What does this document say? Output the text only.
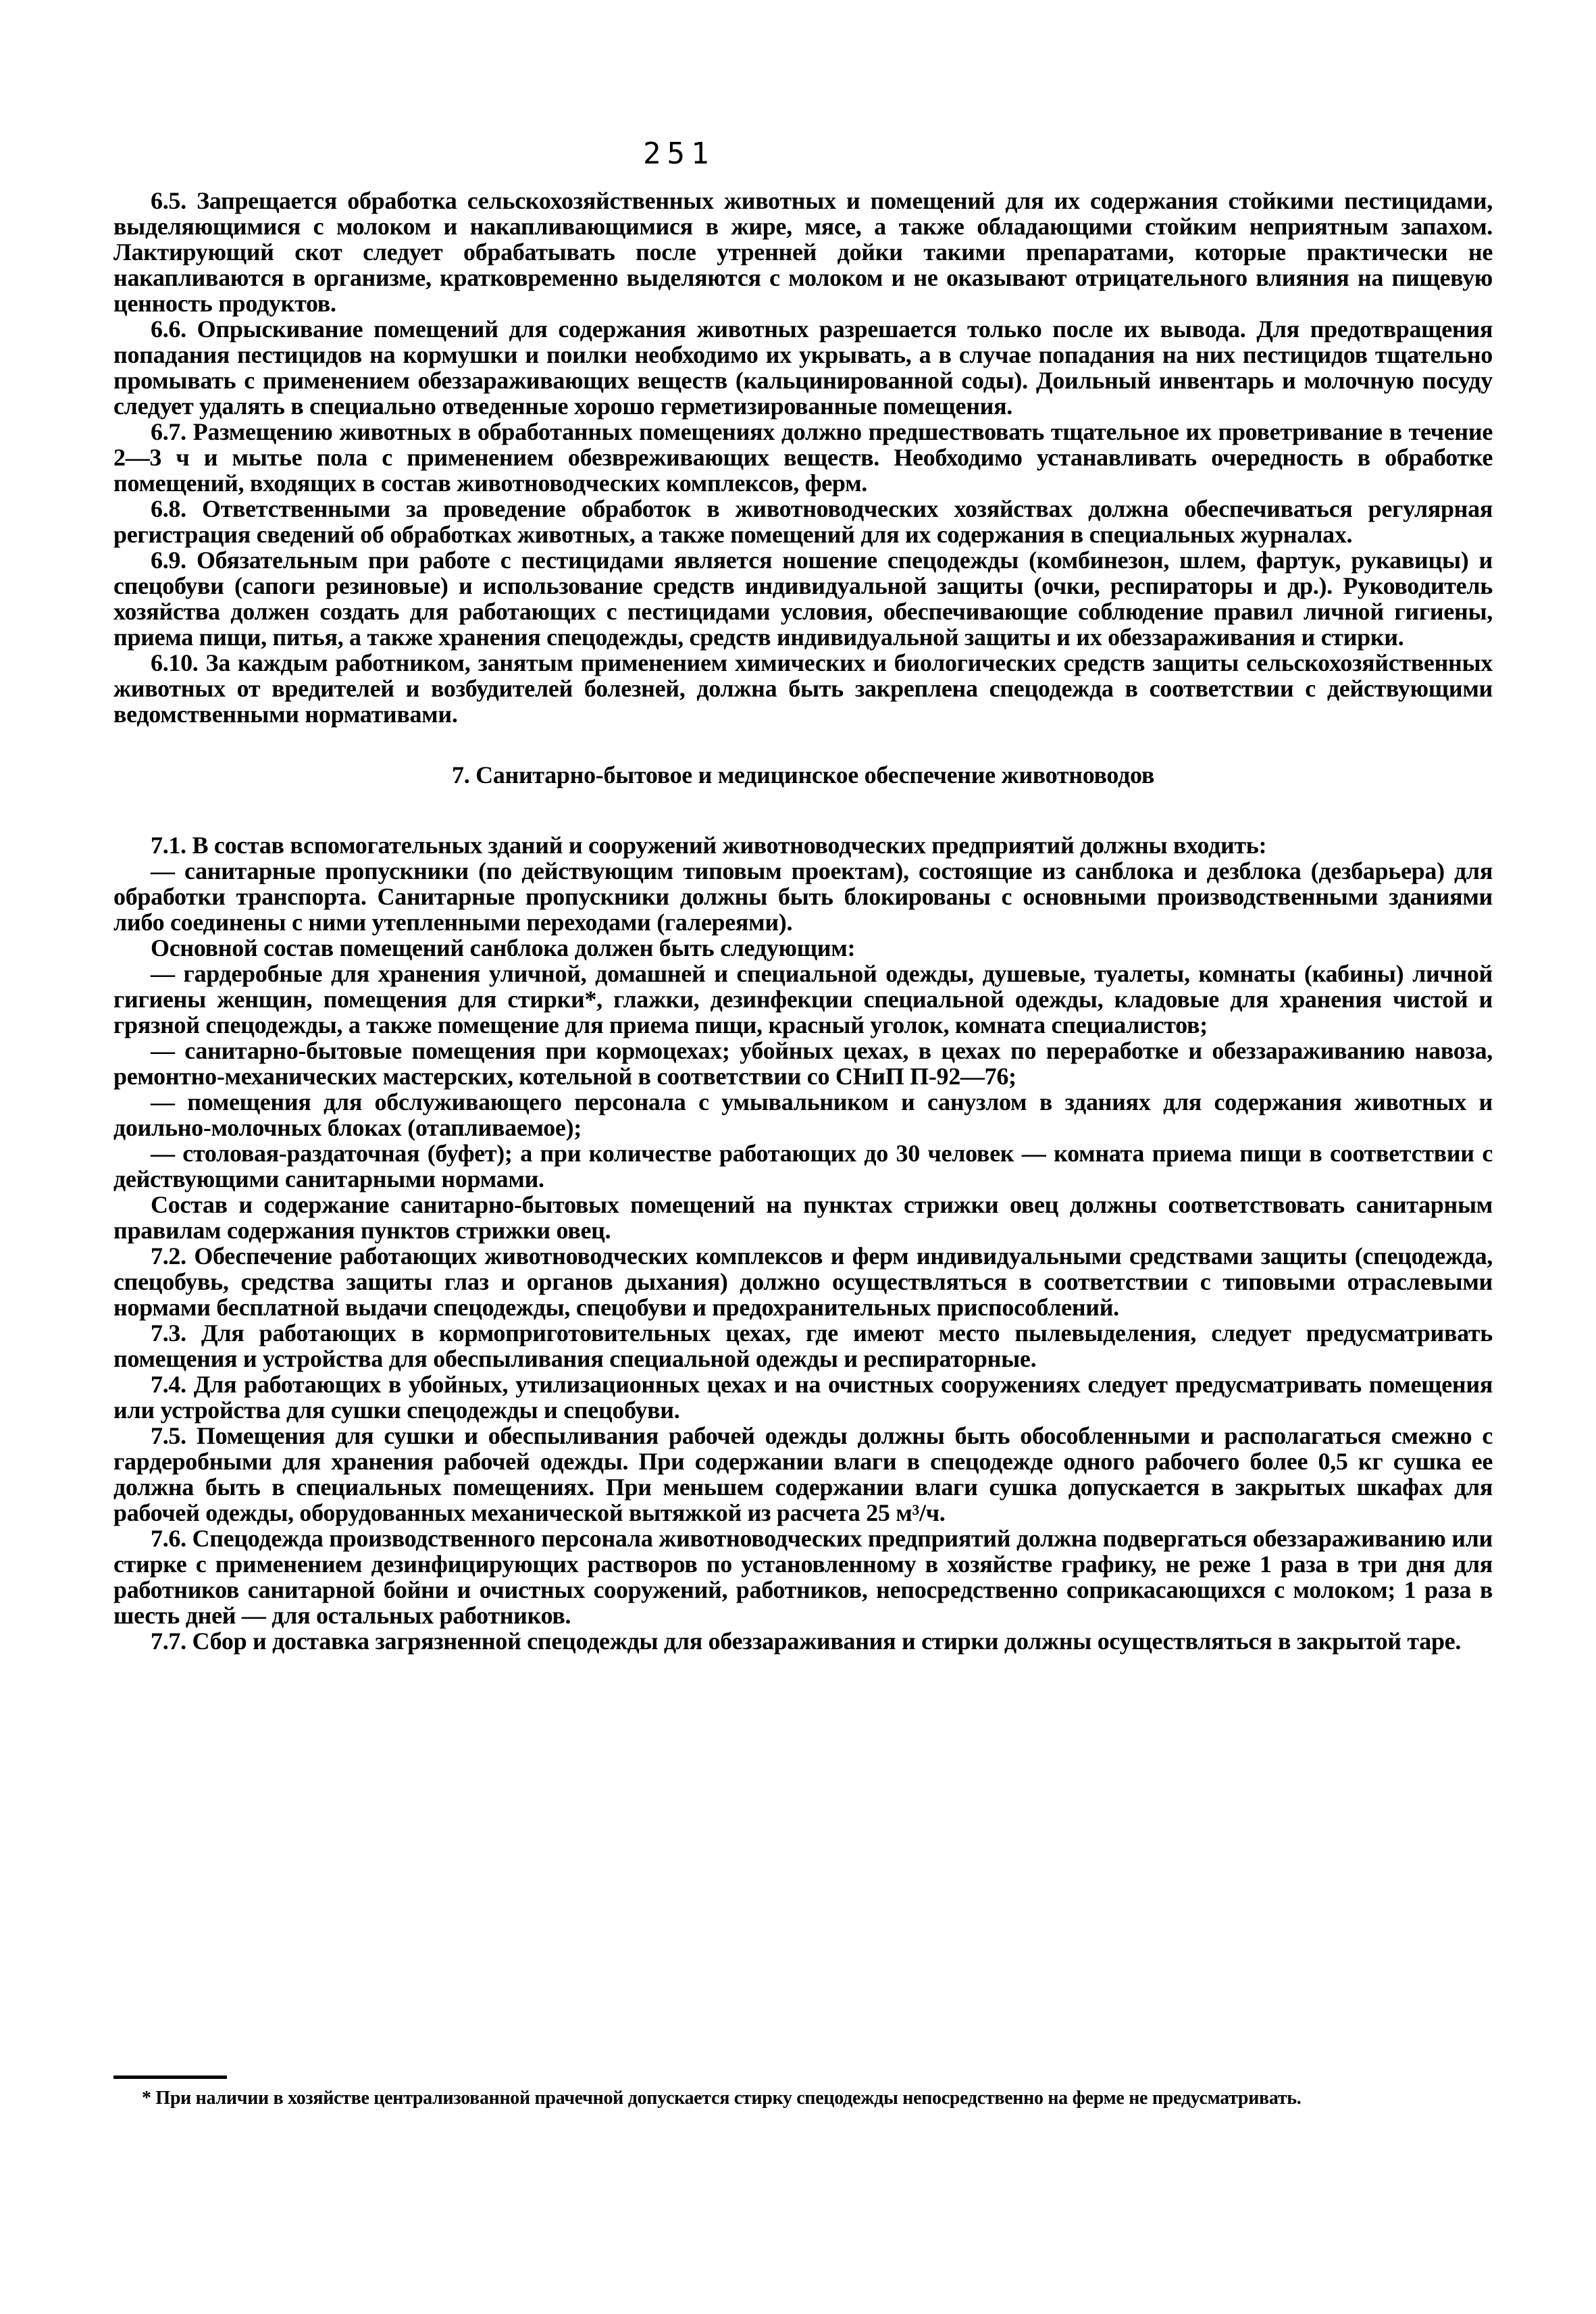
251

6.5. Запрещается обработка сельскохозяйственных животных и помещений для их содержания стойкими пестицидами, выделяющимися с молоком и накапливающимися в жире, мясе, а также обладающими стойким неприятным запахом. Лактирующий скот следует обрабатывать после утренней дойки такими препаратами, которые практически не накапливаются в организме, кратковременно выделяются с молоком и не оказывают отрицательного влияния на пищевую ценность продуктов.

6.6. Опрыскивание помещений для содержания животных разрешается только после их вывода. Для предотвращения попадания пестицидов на кормушки и поилки необходимо их укрывать, а в случае попадания на них пестицидов тщательно промывать с применением обеззараживающих веществ (кальцинированной соды). Доильный инвентарь и молочную посуду следует удалять в специально отведенные хорошо герметизированные помещения.

6.7. Размещению животных в обработанных помещениях должно предшествовать тщательное их проветривание в течение 2—3 ч и мытье пола с применением обезвреживающих веществ. Необходимо устанавливать очередность в обработке помещений, входящих в состав животноводческих комплексов, ферм.

6.8. Ответственными за проведение обработок в животноводческих хозяйствах должна обеспечиваться регулярная регистрация сведений об обработках животных, а также помещений для их содержания в специальных журналах.

6.9. Обязательным при работе с пестицидами является ношение спецодежды (комбинезон, шлем, фартук, рукавицы) и спецобуви (сапоги резиновые) и использование средств индивидуальной защиты (очки, респираторы и др.). Руководитель хозяйства должен создать для работающих с пестицидами условия, обеспечивающие соблюдение правил личной гигиены, приема пищи, питья, а также хранения спецодежды, средств индивидуальной защиты и их обеззараживания и стирки.

6.10. За каждым работником, занятым применением химических и биологических средств защиты сельскохозяйственных животных от вредителей и возбудителей болезней, должна быть закреплена спецодежда в соответствии с действующими ведомственными нормативами.

7. Санитарно-бытовое и медицинское обеспечение животноводов

7.1. В состав вспомогательных зданий и сооружений животноводческих предприятий должны входить:

— санитарные пропускники (по действующим типовым проектам), состоящие из санблока и дезблока (дезбарьера) для обработки транспорта. Санитарные пропускники должны быть блокированы с основными производственными зданиями либо соединены с ними утепленными переходами (галереями).

Основной состав помещений санблока должен быть следующим:

— гардеробные для хранения уличной, домашней и специальной одежды, душевые, туалеты, комнаты (кабины) личной гигиены женщин, помещения для стирки*, глажки, дезинфекции специальной одежды, кладовые для хранения чистой и грязной спецодежды, а также помещение для приема пищи, красный уголок, комната специалистов;

— санитарно-бытовые помещения при кормоцехах; убойных цехах, в цехах по переработке и обеззараживанию навоза, ремонтно-механических мастерских, котельной в соответствии со СНиП П-92—76;

— помещения для обслуживающего персонала с умывальником и санузлом в зданиях для содержания животных и доильно-молочных блоках (отапливаемое);

— столовая-раздаточная (буфет); а при количестве работающих до 30 человек — комната приема пищи в соответствии с действующими санитарными нормами.

Состав и содержание санитарно-бытовых помещений на пунктах стрижки овец должны соответствовать санитарным правилам содержания пунктов стрижки овец.

7.2. Обеспечение работающих животноводческих комплексов и ферм индивидуальными средствами защиты (спецодежда, спецобувь, средства защиты глаз и органов дыхания) должно осуществляться в соответствии с типовыми отраслевыми нормами бесплатной выдачи спецодежды, спецобуви и предохранительных приспособлений.

7.3. Для работающих в кормоприготовительных цехах, где имеют место пылевыделения, следует предусматривать помещения и устройства для обеспыливания специальной одежды и респираторные.

7.4. Для работающих в убойных, утилизационных цехах и на очистных сооружениях следует предусматривать помещения или устройства для сушки спецодежды и спецобуви.

7.5. Помещения для сушки и обеспыливания рабочей одежды должны быть обособленными и располагаться смежно с гардеробными для хранения рабочей одежды. При содержании влаги в спецодежде одного рабочего более 0,5 кг сушка ее должна быть в специальных помещениях. При меньшем содержании влаги сушка допускается в закрытых шкафах для рабочей одежды, оборудованных механической вытяжкой из расчета 25 м³/ч.

7.6. Спецодежда производственного персонала животноводческих предприятий должна подвергаться обеззараживанию или стирке с применением дезинфицирующих растворов по установленному в хозяйстве графику, не реже 1 раза в три дня для работников санитарной бойни и очистных сооружений, работников, непосредственно соприкасающихся с молоком; 1 раза в шесть дней — для остальных работников.

7.7. Сбор и доставка загрязненной спецодежды для обеззараживания и стирки должны осуществляться в закрытой таре.

* При наличии в хозяйстве централизованной прачечной допускается стирку спецодежды непосредственно на ферме не предусматривать.
